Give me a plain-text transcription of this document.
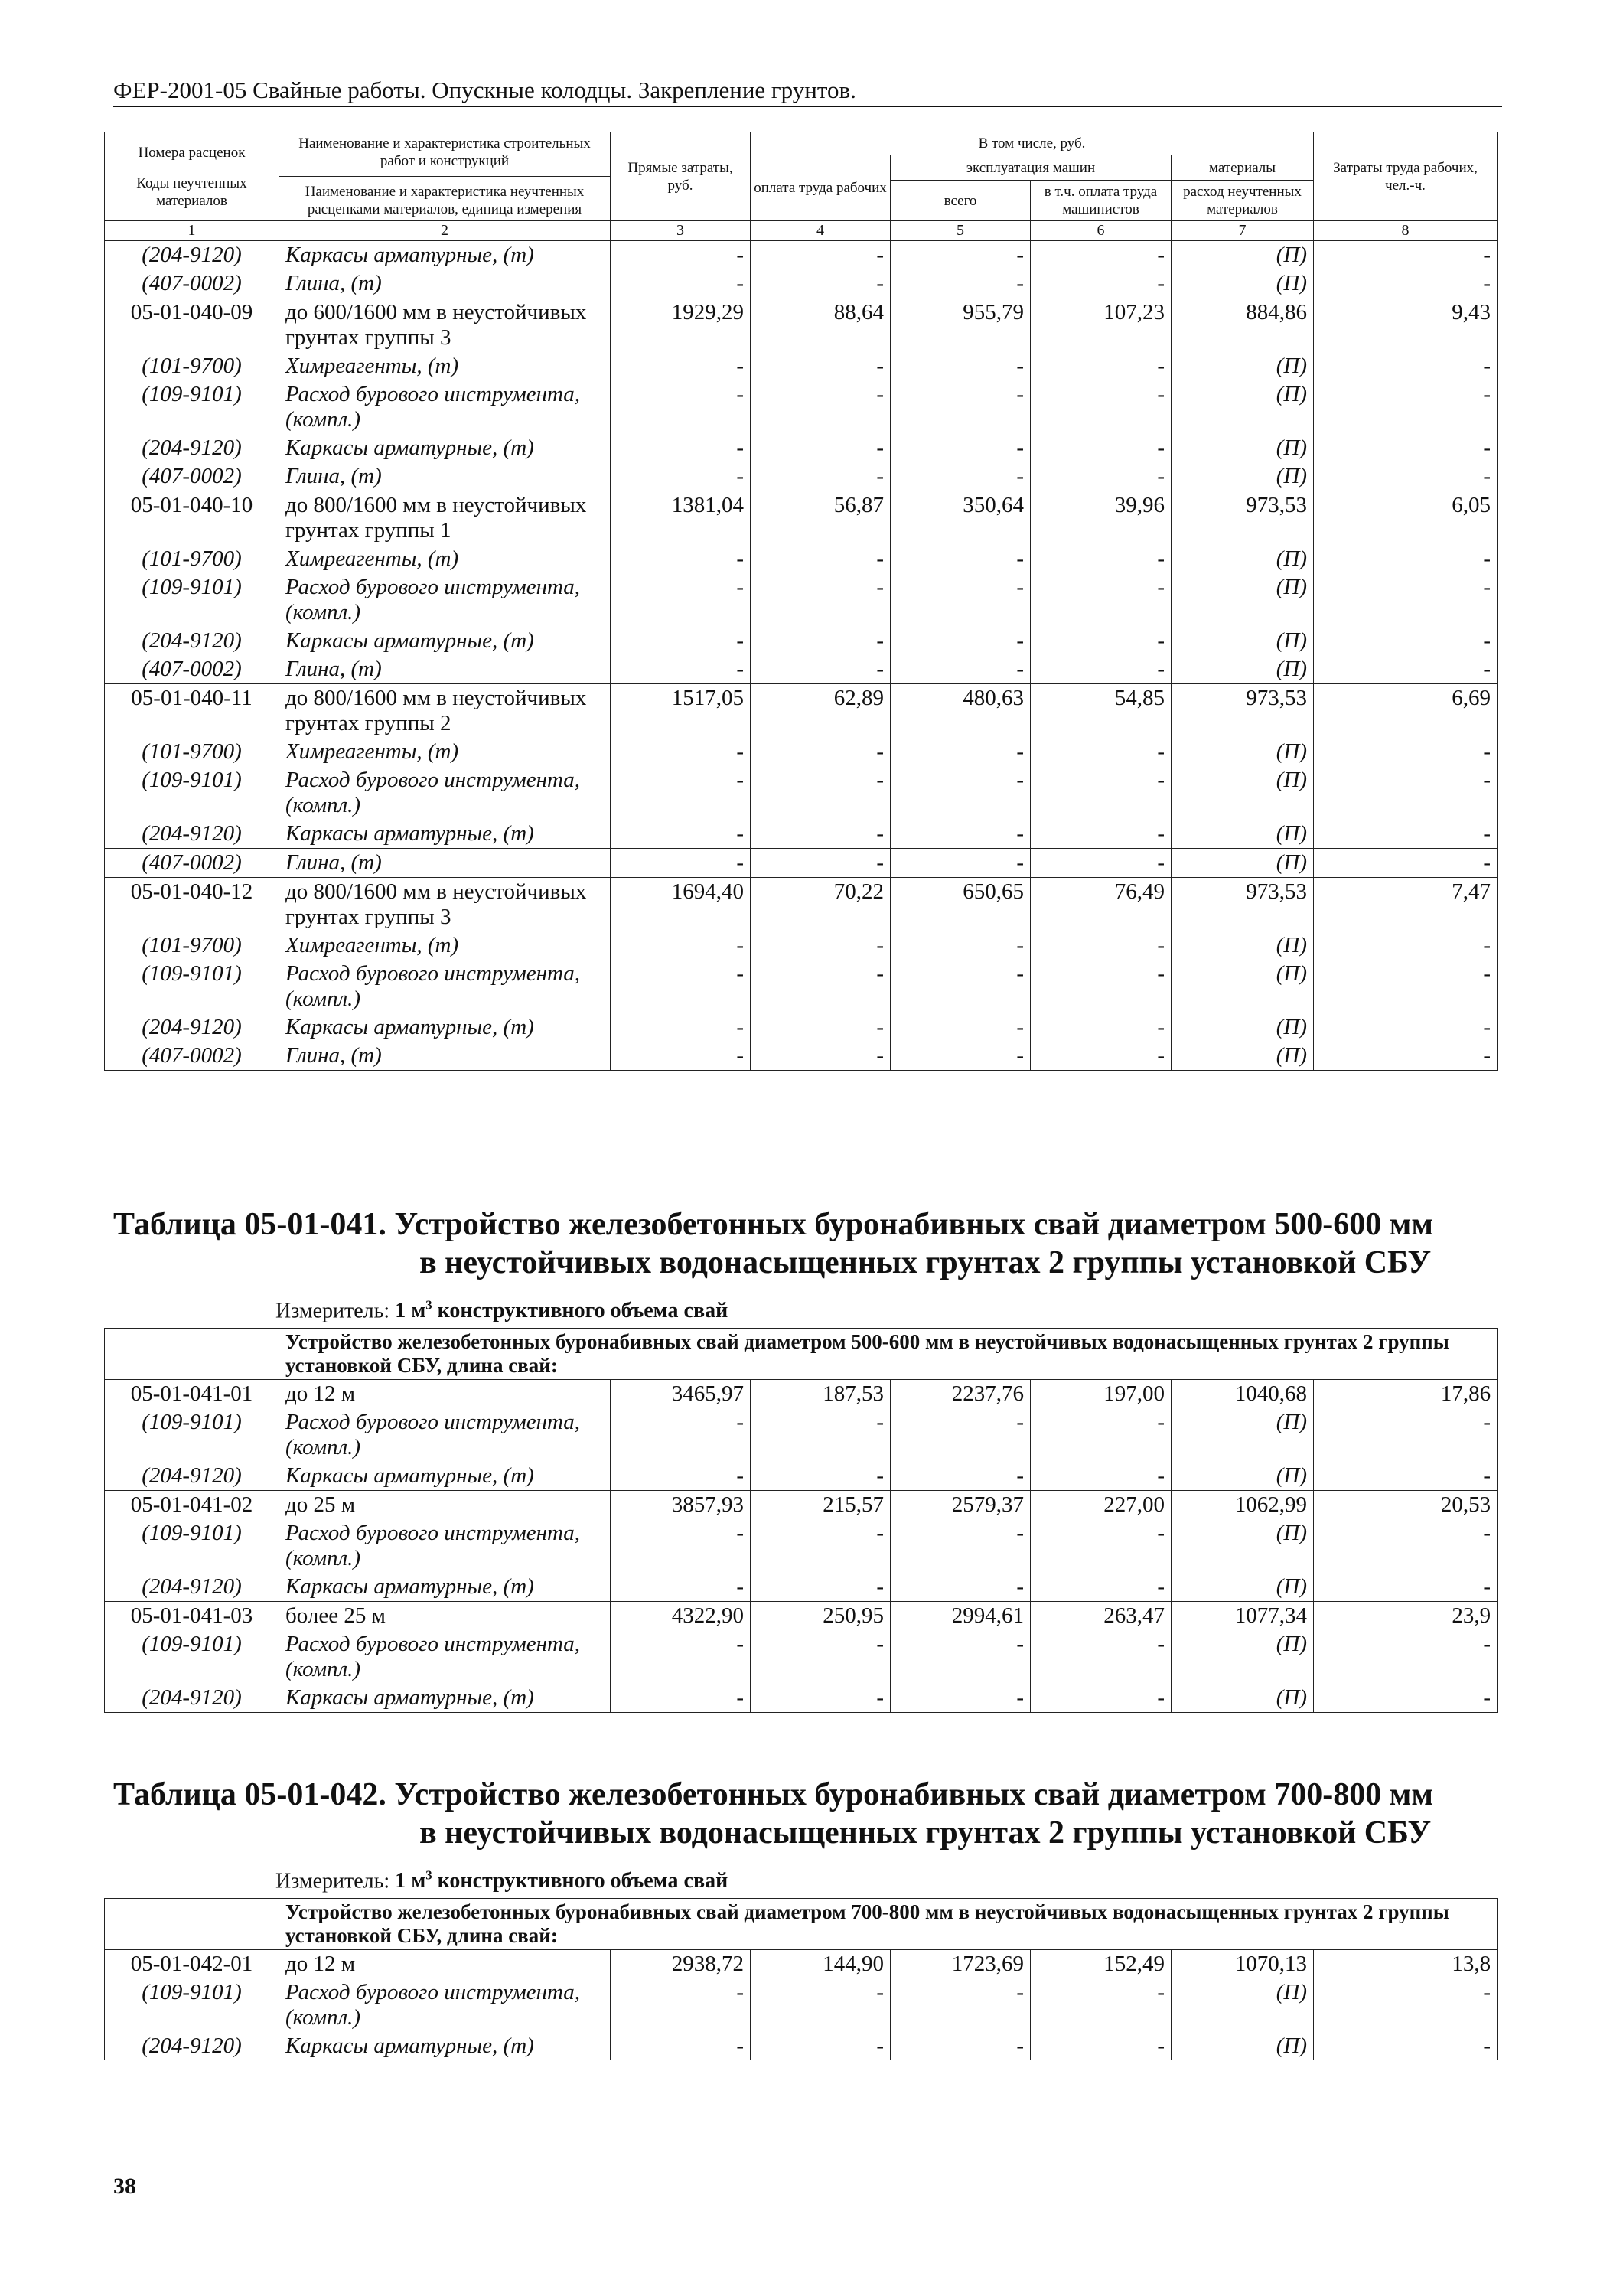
ФЕР-2001-05 Свайные работы. Опускные колодцы. Закрепление грунтов.
Номера расценок
Коды неучтенных материалов	Наименование и характеристика строительных работ и конструкций
Наименование и характеристика неучтенных расценками материалов, единица измерения	Прямые затраты, руб.	В том числе, руб.				Затраты труда рабочих, чел.-ч.
			оплата труда рабочих	эксплуатация машин		материалы	
				всего	в т.ч. оплата труда машинистов	расход неучтенных материалов	
1	2	3	4	5	6	7	8
(204-9120)	Каркасы арматурные, (т)	-	-	-	-	(П)	-
(407-0002)	Глина, (т)	-	-	-	-	(П)	-
05-01-040-09	до 600/1600 мм в неустойчивых грунтах группы 3	1929,29	88,64	955,79	107,23	884,86	9,43
(101-9700)	Химреагенты, (т)	-	-	-	-	(П)	-
(109-9101)	Расход бурового инструмента, (компл.)	-	-	-	-	(П)	-
(204-9120)	Каркасы арматурные, (т)	-	-	-	-	(П)	-
(407-0002)	Глина, (т)	-	-	-	-	(П)	-
05-01-040-10	до 800/1600 мм в неустойчивых грунтах группы 1	1381,04	56,87	350,64	39,96	973,53	6,05
(101-9700)	Химреагенты, (т)	-	-	-	-	(П)	-
(109-9101)	Расход бурового инструмента, (компл.)	-	-	-	-	(П)	-
(204-9120)	Каркасы арматурные, (т)	-	-	-	-	(П)	-
(407-0002)	Глина, (т)	-	-	-	-	(П)	-
05-01-040-11	до 800/1600 мм в неустойчивых грунтах группы 2	1517,05	62,89	480,63	54,85	973,53	6,69
(101-9700)	Химреагенты, (т)	-	-	-	-	(П)	-
(109-9101)	Расход бурового инструмента, (компл.)	-	-	-	-	(П)	-
(204-9120)	Каркасы арматурные, (т)	-	-	-	-	(П)	-
(407-0002)	Глина, (т)	-	-	-	-	(П)	-
05-01-040-12	до 800/1600 мм в неустойчивых грунтах группы 3	1694,40	70,22	650,65	76,49	973,53	7,47
(101-9700)	Химреагенты, (т)	-	-	-	-	(П)	-
(109-9101)	Расход бурового инструмента, (компл.)	-	-	-	-	(П)	-
(204-9120)	Каркасы арматурные, (т)	-	-	-	-	(П)	-
(407-0002)	Глина, (т)	-	-	-	-	(П)	-
Таблица 05-01-041. Устройство железобетонных буронабивных свай диаметром 500-600 мм
в неустойчивых водонасыщенных грунтах 2 группы установкой СБУ
Измеритель: 1 $м^3$ конструктивного объема свай
	Устройство железобетонных буронабивных свай диаметром 500-600 мм в неустойчивых водонасыщенных грунтах 2 группы установкой СБУ, длина свай:						
05-01-041-01	до 12 м	3465,97	187,53	2237,76	197,00	1040,68	17,86
(109-9101)	Расход бурового инструмента, (компл.)	-	-	-	-	(П)	-
(204-9120)	Каркасы арматурные, (т)	-	-	-	-	(П)	-
05-01-041-02	до 25 м	3857,93	215,57	2579,37	227,00	1062,99	20,53
(109-9101)	Расход бурового инструмента, (компл.)	-	-	-	-	(П)	-
(204-9120)	Каркасы арматурные, (т)	-	-	-	-	(П)	-
05-01-041-03	более 25 м	4322,90	250,95	2994,61	263,47	1077,34	23,9
(109-9101)	Расход бурового инструмента, (компл.)	-	-	-	-	(П)	-
(204-9120)	Каркасы арматурные, (т)	-	-	-	-	(П)	-
Таблица 05-01-042. Устройство железобетонных буронабивных свай диаметром 700-800 мм
в неустойчивых водонасыщенных грунтах 2 группы установкой СБУ
Измеритель: 1 $м^3$ конструктивного объема свай
	Устройство железобетонных буронабивных свай диаметром 700-800 мм в неустойчивых водонасыщенных грунтах 2 группы установкой СБУ, длина свай:						
05-01-042-01	до 12 м	2938,72	144,90	1723,69	152,49	1070,13	13,8
(109-9101)	Расход бурового инструмента, (компл.)	-	-	-	-	(П)	-
(204-9120)	Каркасы арматурные, (т)	-	-	-	-	(П)	-
38
